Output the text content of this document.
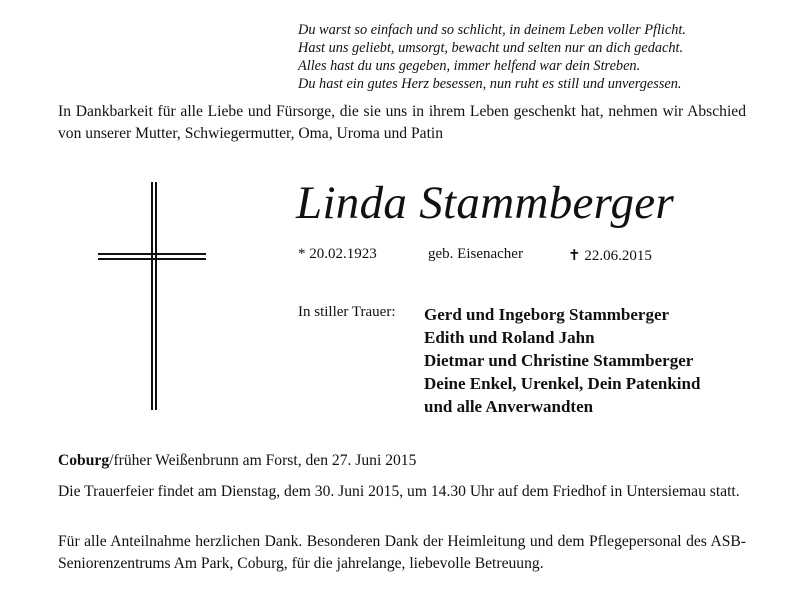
Du warst so einfach und so schlicht, in deinem Leben voller Pflicht.
Hast uns geliebt, umsorgt, bewacht und selten nur an dich gedacht.
Alles hast du uns gegeben, immer helfend war dein Streben.
Du hast ein gutes Herz besessen, nun ruht es still und unvergessen.
In Dankbarkeit für alle Liebe und Fürsorge, die sie uns in ihrem Leben geschenkt hat, nehmen wir Abschied von unserer Mutter, Schwiegermutter, Oma, Uroma und Patin
Linda Stammberger
* 20.02.1923	geb. Eisenacher	✝ 22.06.2015
In stiller Trauer: Gerd und Ingeborg Stammberger
Edith und Roland Jahn
Dietmar und Christine Stammberger
Deine Enkel, Urenkel, Dein Patenkind
und alle Anverwandten
Coburg/früher Weißenbrunn am Forst, den 27. Juni 2015
Die Trauerfeier findet am Dienstag, dem 30. Juni 2015, um 14.30 Uhr auf dem Friedhof in Untersiemau statt.
Für alle Anteilnahme herzlichen Dank. Besonderen Dank der Heimleitung und dem Pflegepersonal des ASB-Seniorenzentrums Am Park, Coburg, für die jahrelange, liebevolle Betreuung.
